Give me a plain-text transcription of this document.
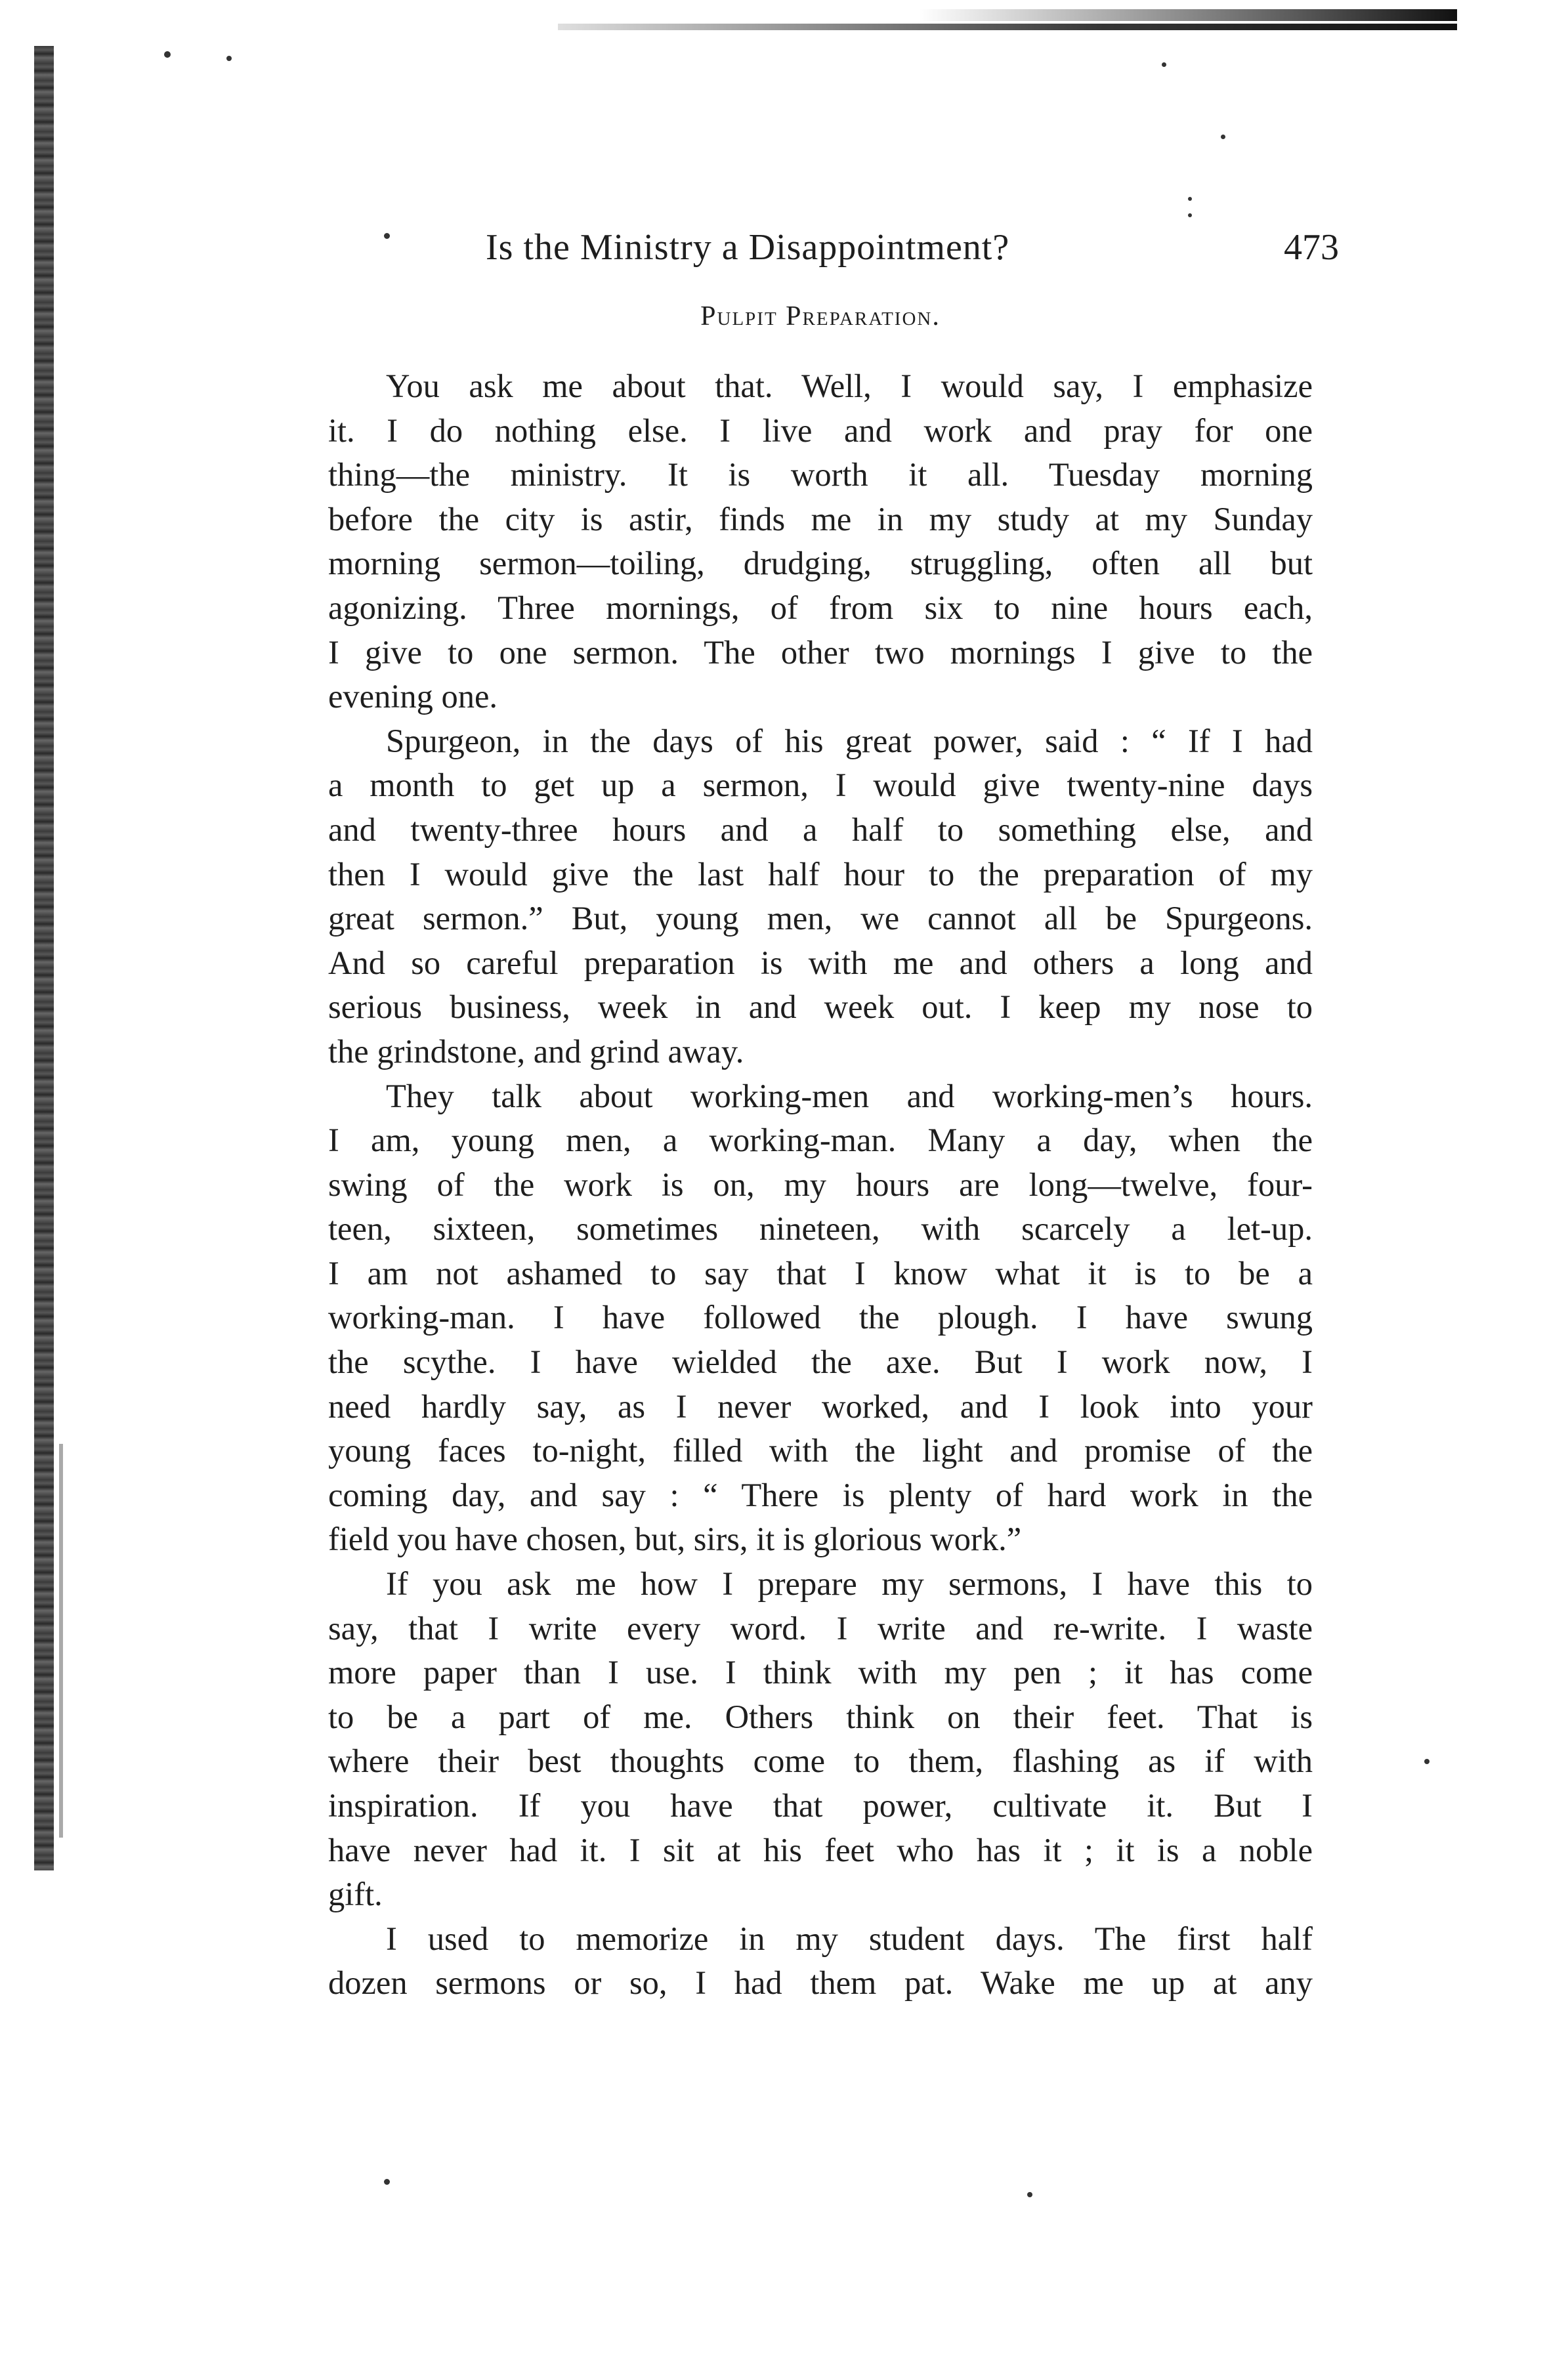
Is the Ministry a Disappointment?	473
Pulpit Preparation.
You ask me about that. Well, I would say, I emphasize
it. I do nothing else. I live and work and pray for one
thing—the ministry. It is worth it all. Tuesday morning
before the city is astir, finds me in my study at my Sunday
morning sermon—toiling, drudging, struggling, often all but
agonizing. Three mornings, of from six to nine hours each,
I give to one sermon. The other two mornings I give to the
evening one.
Spurgeon, in the days of his great power, said : “ If I had
a month to get up a sermon, I would give twenty-nine days
and twenty-three hours and a half to something else, and
then I would give the last half hour to the preparation of my
great sermon.” But, young men, we cannot all be Spurgeons.
And so careful preparation is with me and others a long and
serious business, week in and week out. I keep my nose to
the grindstone, and grind away.
They talk about working-men and working-men’s hours.
I am, young men, a working-man. Many a day, when the
swing of the work is on, my hours are long—twelve, four-
teen, sixteen, sometimes nineteen, with scarcely a let-up.
I am not ashamed to say that I know what it is to be a
working-man. I have followed the plough. I have swung
the scythe. I have wielded the axe. But I work now, I
need hardly say, as I never worked, and I look into your
young faces to-night, filled with the light and promise of the
coming day, and say : “ There is plenty of hard work in the
field you have chosen, but, sirs, it is glorious work.”
If you ask me how I prepare my sermons, I have this to
say, that I write every word. I write and re-write. I waste
more paper than I use. I think with my pen ; it has come
to be a part of me. Others think on their feet. That is
where their best thoughts come to them, flashing as if with
inspiration. If you have that power, cultivate it. But I
have never had it. I sit at his feet who has it ; it is a noble
gift.
I used to memorize in my student days. The first half
dozen sermons or so, I had them pat. Wake me up at any
